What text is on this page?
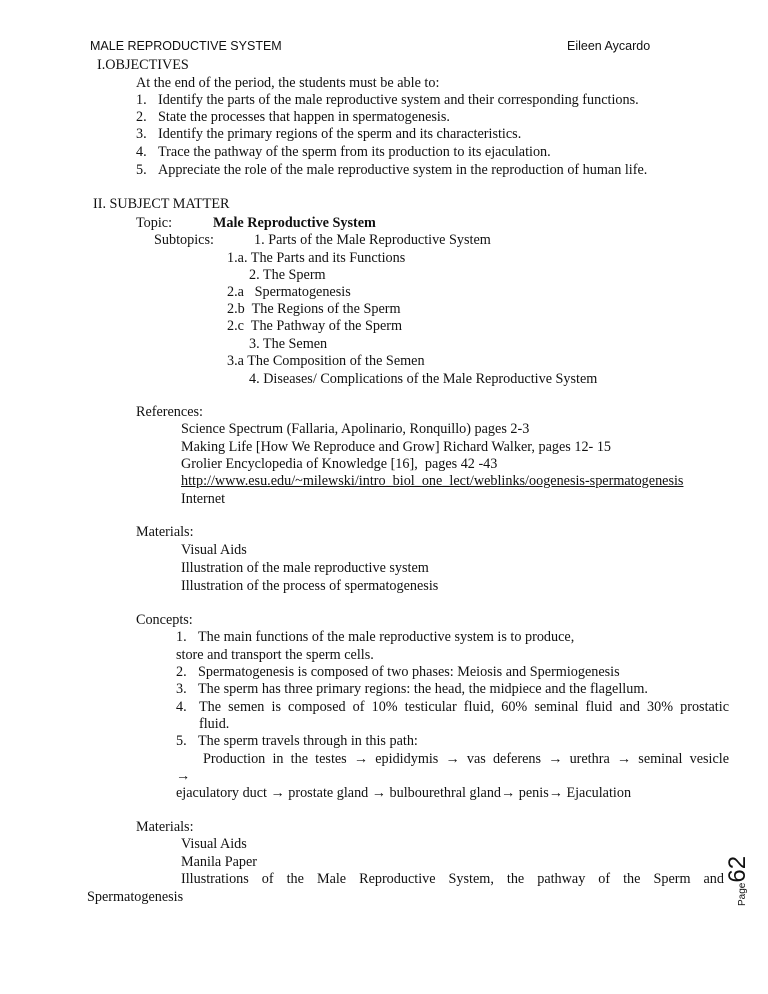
MALE REPRODUCTIVE SYSTEM	Eileen Aycardo
I.OBJECTIVES
At the end of the period, the students must be able to:
1. Identify the parts of the male reproductive system and their corresponding functions.
2. State the processes that happen in spermatogenesis.
3. Identify the primary regions of the sperm and its characteristics.
4. Trace the pathway of the sperm from its production to its ejaculation.
5. Appreciate the role of the male reproductive system in the reproduction of human life.
II. SUBJECT MATTER
Topic:	Male Reproductive System
Subtopics:	1. Parts of the Male Reproductive System
1.a. The Parts and its Functions
2. The Sperm
2.a   Spermatogenesis
2.b  The Regions of the Sperm
2.c  The Pathway of the Sperm
3. The Semen
3.a The Composition of the Semen
4. Diseases/ Complications of the Male Reproductive System
References:
Science Spectrum (Fallaria, Apolinario, Ronquillo) pages 2-3
Making Life [How We Reproduce and Grow] Richard Walker, pages 12- 15
Grolier Encyclopedia of Knowledge [16],  pages 42 -43
http://www.esu.edu/~milewski/intro_biol_one_lect/weblinks/oogenesis-spermatogenesis
Internet
Materials:
Visual Aids
Illustration of the male reproductive system
Illustration of the process of spermatogenesis
Concepts:
1. The main functions of the male reproductive system is to produce,
store and transport the sperm cells.
2. Spermatogenesis is composed of two phases: Meiosis and Spermiogenesis
3. The sperm has three primary regions: the head, the midpiece and the flagellum.
4. The semen is composed of 10% testicular fluid, 60% seminal fluid and 30% prostatic
fluid.
5. The sperm travels through in this path:
Production in the testes → epididymis → vas deferens → urethra → seminal vesicle
→
ejaculatory duct → prostate gland → bulbourethral gland→ penis→ Ejaculation
Materials:
Visual Aids
Manila Paper
Illustrations of the Male Reproductive System, the pathway of the Sperm and
Spermatogenesis	Page62
